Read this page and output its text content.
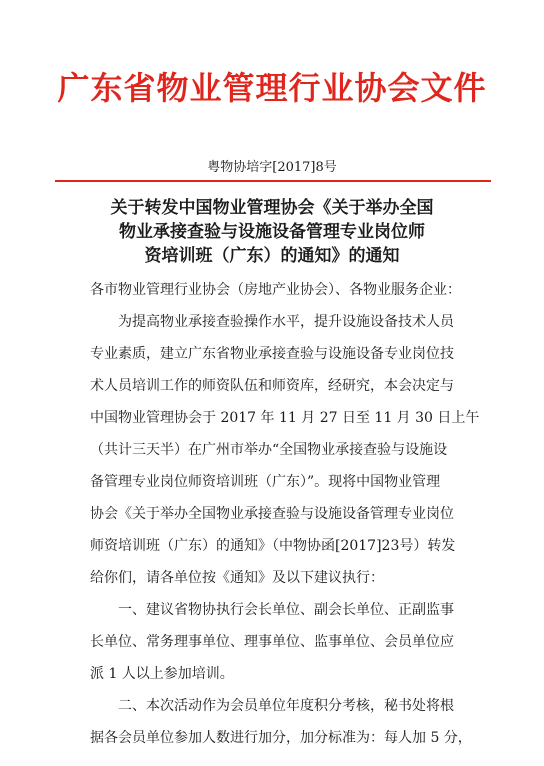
广东省物业管理行业协会文件
粤物协培字[2017]8号
关于转发中国物业管理协会《关于举办全国
物业承接查验与设施设备管理专业岗位师
资培训班（广东）的通知》的通知
各市物业管理行业协会（房地产业协会）、各物业服务企业：
为提高物业承接查验操作水平，提升设施设备技术人员
专业素质，建立广东省物业承接查验与设施设备专业岗位技
术人员培训工作的师资队伍和师资库，经研究，本会决定与
中国物业管理协会于 2017 年 11 月 27 日至 11 月 30 日上午
（共计三天半）在广州市举办“全国物业承接查验与设施设
备管理专业岗位师资培训班（广东）”。现将中国物业管理
协会《关于举办全国物业承接查验与设施设备管理专业岗位
师资培训班（广东）的通知》（中物协函[2017]23号）转发
给你们，请各单位按《通知》及以下建议执行：
一、建议省物协执行会长单位、副会长单位、正副监事
长单位、常务理事单位、理事单位、监事单位、会员单位应
派 1 人以上参加培训。
二、本次活动作为会员单位年度积分考核，秘书处将根
据各会员单位参加人数进行加分，加分标准为：每人加 5 分，
